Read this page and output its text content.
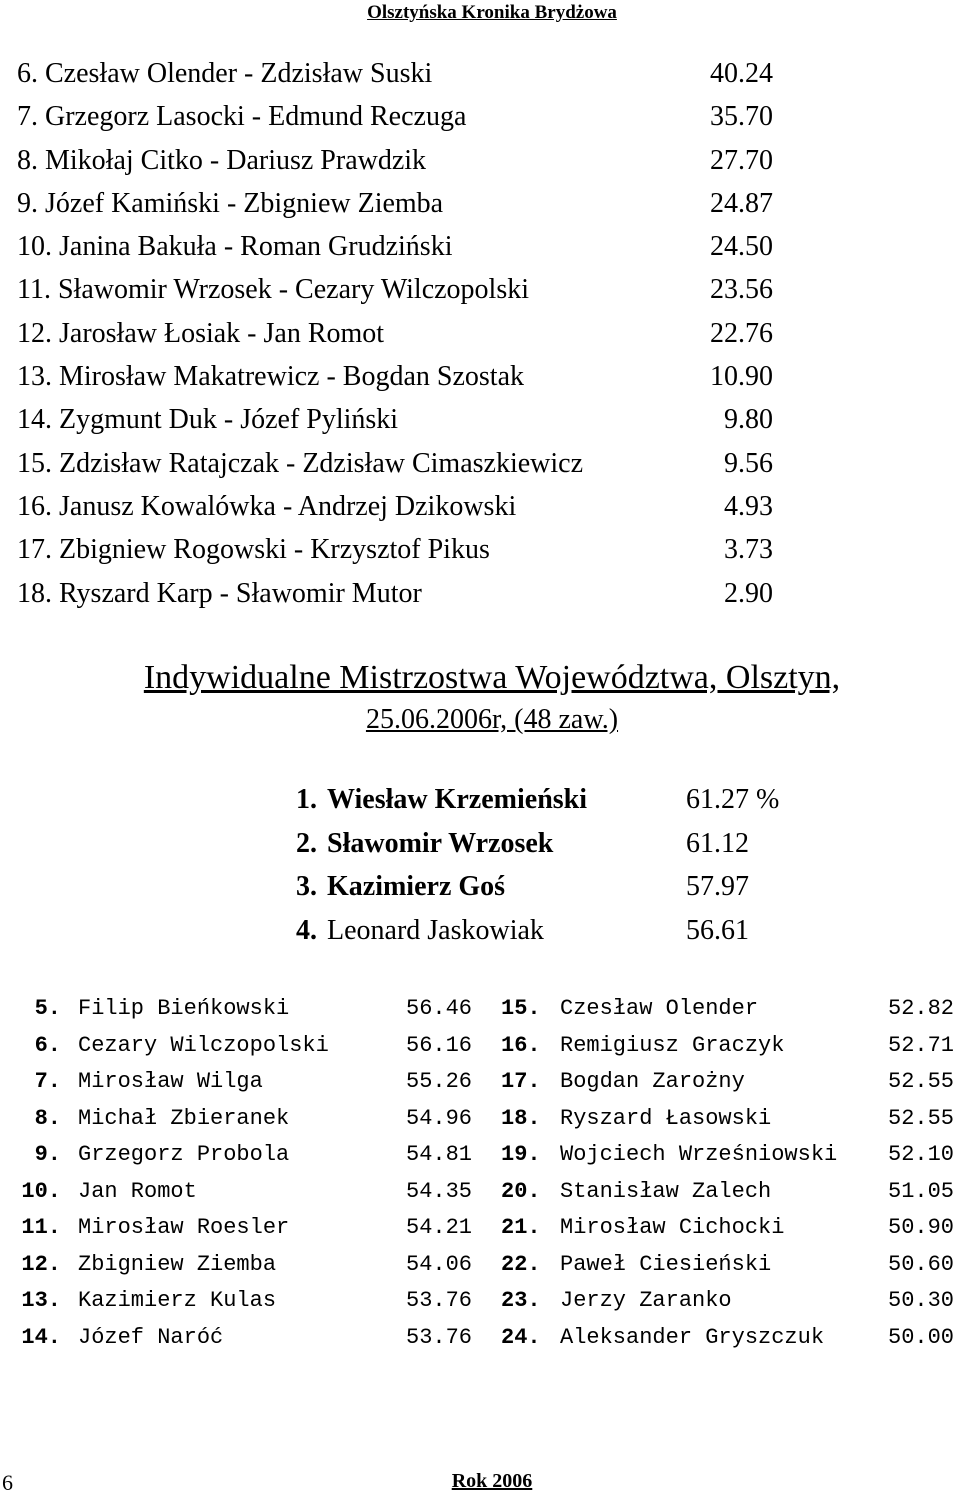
Olsztyńska Kronika Brydżowa
6. Czesław Olender - Zdzisław Suski	40.24
7. Grzegorz Lasocki - Edmund Reczuga	35.70
8. Mikołaj Citko - Dariusz Prawdzik	27.70
9. Józef Kamiński - Zbigniew Ziemba	24.87
10. Janina Bakuła - Roman Grudziński	24.50
11. Sławomir Wrzosek - Cezary Wilczopolski	23.56
12. Jarosław Łosiak - Jan Romot	22.76
13. Mirosław Makatrewicz - Bogdan Szostak	10.90
14. Zygmunt Duk - Józef Pyliński	9.80
15. Zdzisław Ratajczak - Zdzisław Cimaszkiewicz	9.56
16. Janusz Kowalówka - Andrzej Dzikowski	4.93
17. Zbigniew Rogowski - Krzysztof Pikus	3.73
18. Ryszard Karp - Sławomir Mutor	2.90
Indywidualne Mistrzostwa Województwa, Olsztyn,
25.06.2006r, (48 zaw.)
1. Wiesław Krzemieński	61.27 %
2. Sławomir Wrzosek	61.12
3. Kazimierz Goś	57.97
4. Leonard Jaskowiak	56.61
5. Filip Bieńkowski	56.46 15. Czesław Olender	52.82
6. Cezary Wilczopolski	56.16 16. Remigiusz Graczyk	52.71
7. Mirosław Wilga	55.26 17. Bogdan Zarożny	52.55
8. Michał Zbieranek	54.96 18. Ryszard Łasowski	52.55
9. Grzegorz Probola	54.81 19. Wojciech Wrześniowski 52.10
10. Jan Romot	54.35 20. Stanisław Zalech	51.05
11. Mirosław Roesler	54.21 21. Mirosław Cichocki	50.90
12. Zbigniew Ziemba	54.06 22. Paweł Ciesieński	50.60
13. Kazimierz Kulas	53.76 23. Jerzy Zaranko	50.30
14. Józef Naróć	53.76 24. Aleksander Gryszczuk	50.00
6	Rok 2006
